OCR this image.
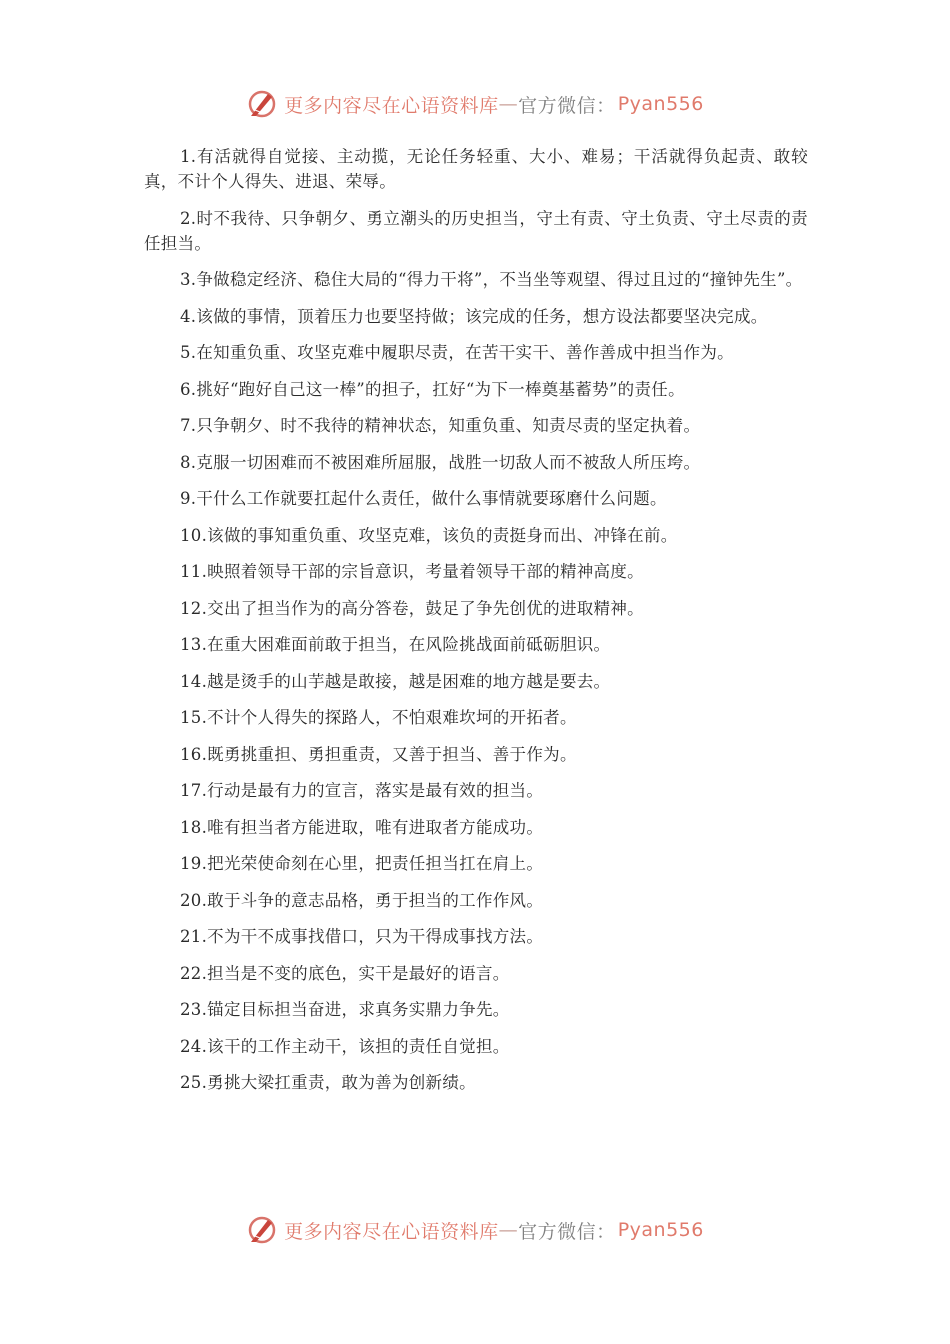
更多内容尽在心语资料库 — 官方微信： Pyan556

1.有活就得自觉接、主动揽，无论任务轻重、大小、难易；干活就得负起责、敢较真，不计个人得失、进退、荣辱。

2.时不我待、只争朝夕、勇立潮头的历史担当，守土有责、守土负责、守土尽责的责任担当。

3.争做稳定经济、稳住大局的“得力干将”，不当坐等观望、得过且过的“撞钟先生”。

4.该做的事情，顶着压力也要坚持做；该完成的任务，想方设法都要坚决完成。

5.在知重负重、攻坚克难中履职尽责，在苦干实干、善作善成中担当作为。

6.挑好“跑好自己这一棒”的担子，扛好“为下一棒奠基蓄势”的责任。

7.只争朝夕、时不我待的精神状态，知重负重、知责尽责的坚定执着。

8.克服一切困难而不被困难所屈服，战胜一切敌人而不被敌人所压垮。

9.干什么工作就要扛起什么责任，做什么事情就要琢磨什么问题。

10.该做的事知重负重、攻坚克难，该负的责挺身而出、冲锋在前。

11.映照着领导干部的宗旨意识，考量着领导干部的精神高度。

12.交出了担当作为的高分答卷，鼓足了争先创优的进取精神。

13.在重大困难面前敢于担当，在风险挑战面前砥砺胆识。

14.越是烫手的山芋越是敢接，越是困难的地方越是要去。

15.不计个人得失的探路人，不怕艰难坎坷的开拓者。

16.既勇挑重担、勇担重责，又善于担当、善于作为。

17.行动是最有力的宣言，落实是最有效的担当。

18.唯有担当者方能进取，唯有进取者方能成功。

19.把光荣使命刻在心里，把责任担当扛在肩上。

20.敢于斗争的意志品格，勇于担当的工作作风。

21.不为干不成事找借口，只为干得成事找方法。

22.担当是不变的底色，实干是最好的语言。

23.锚定目标担当奋进，求真务实鼎力争先。

24.该干的工作主动干，该担的责任自觉担。

25.勇挑大梁扛重责，敢为善为创新绩。

更多内容尽在心语资料库 — 官方微信： Pyan556
